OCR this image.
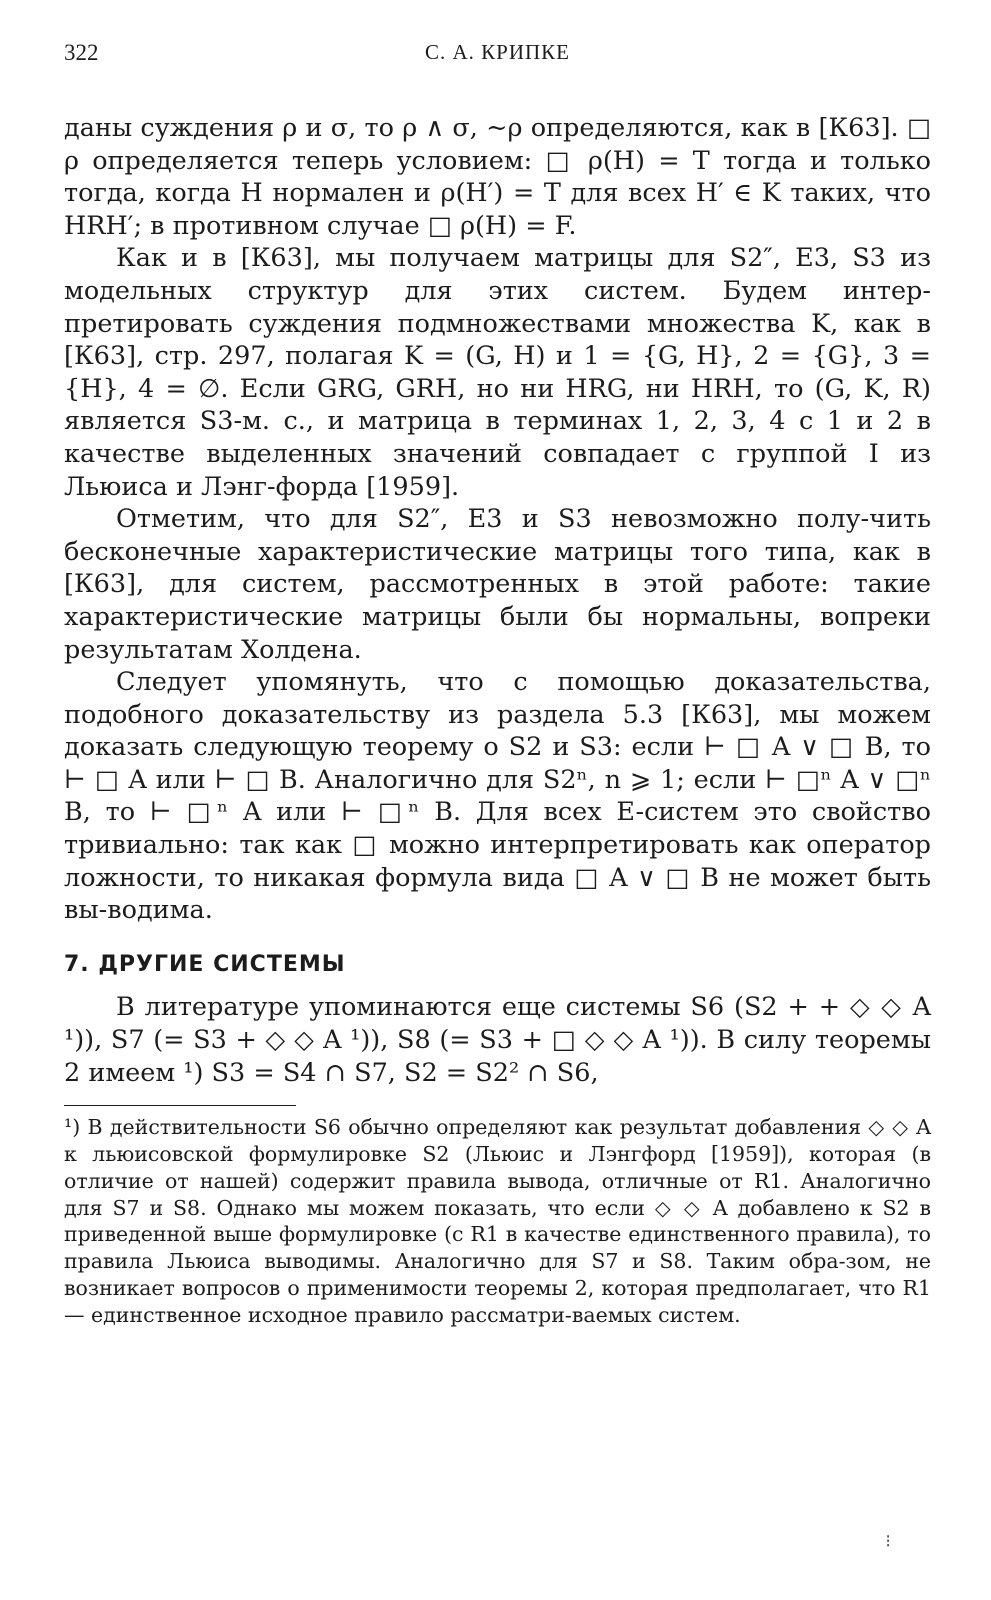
322	С. А. КРИПКЕ

даны суждения ρ и σ, то ρ ∧ σ, ∼ρ определяются, как в [К63]. □ ρ определяется теперь условием: □ ρ(H) = T тогда и только тогда, когда H нормален и ρ(H′) = T для всех H′ ∈ K таких, что HRH′; в противном случае □ ρ(H) = F.

Как и в [К63], мы получаем матрицы для S2″, E3, S3 из модельных структур для этих систем. Будем интер-претировать суждения подмножествами множества K, как в [К63], стр. 297, полагая K = (G, H) и 1 = {G, H}, 2 = {G}, 3 = {H}, 4 = ∅. Если GRG, GRH, но ни HRG, ни HRH, то (G, K, R) является S3-м. с., и матрица в терминах 1, 2, 3, 4 с 1 и 2 в качестве выделенных значений совпадает с группой I из Льюиса и Лэнг-форда [1959].

Отметим, что для S2″, E3 и S3 невозможно полу-чить бесконечные характеристические матрицы того типа, как в [К63], для систем, рассмотренных в этой работе: такие характеристические матрицы были бы нормальны, вопреки результатам Холдена.

Следует упомянуть, что с помощью доказательства, подобного доказательству из раздела 5.3 [К63], мы можем доказать следующую теорему о S2 и S3: если ⊢ □ A ∨ □ B, то ⊢ □ A или ⊢ □ B. Аналогично для S2ⁿ, n ⩾ 1; если ⊢ □ⁿ A ∨ □ⁿ B, то ⊢ □ⁿ A или ⊢ □ⁿ B. Для всех E-систем это свойство тривиально: так как □ можно интерпретировать как оператор ложности, то никакая формула вида □ A ∨ □ B не может быть вы-водима.

7. ДРУГИЕ СИСТЕМЫ

В литературе упоминаются еще системы S6 (S2 + + ◇ ◇ A ¹)), S7 (= S3 + ◇ ◇ A ¹)), S8 (= S3 + □ ◇ ◇ A ¹)). В силу теоремы 2 имеем ¹) S3 = S4 ∩ S7, S2 = S2² ∩ S6,

¹) В действительности S6 обычно определяют как результат добавления ◇ ◇ A к льюисовской формулировке S2 (Льюис и Лэнгфорд [1959]), которая (в отличие от нашей) содержит правила вывода, отличные от R1. Аналогично для S7 и S8. Однако мы можем показать, что если ◇ ◇ A добавлено к S2 в приведенной выше формулировке (с R1 в качестве единственного правила), то правила Льюиса выводимы. Аналогично для S7 и S8. Таким обра-зом, не возникает вопросов о применимости теоремы 2, которая предполагает, что R1 — единственное исходное правило рассматри-ваемых систем.

⁝
